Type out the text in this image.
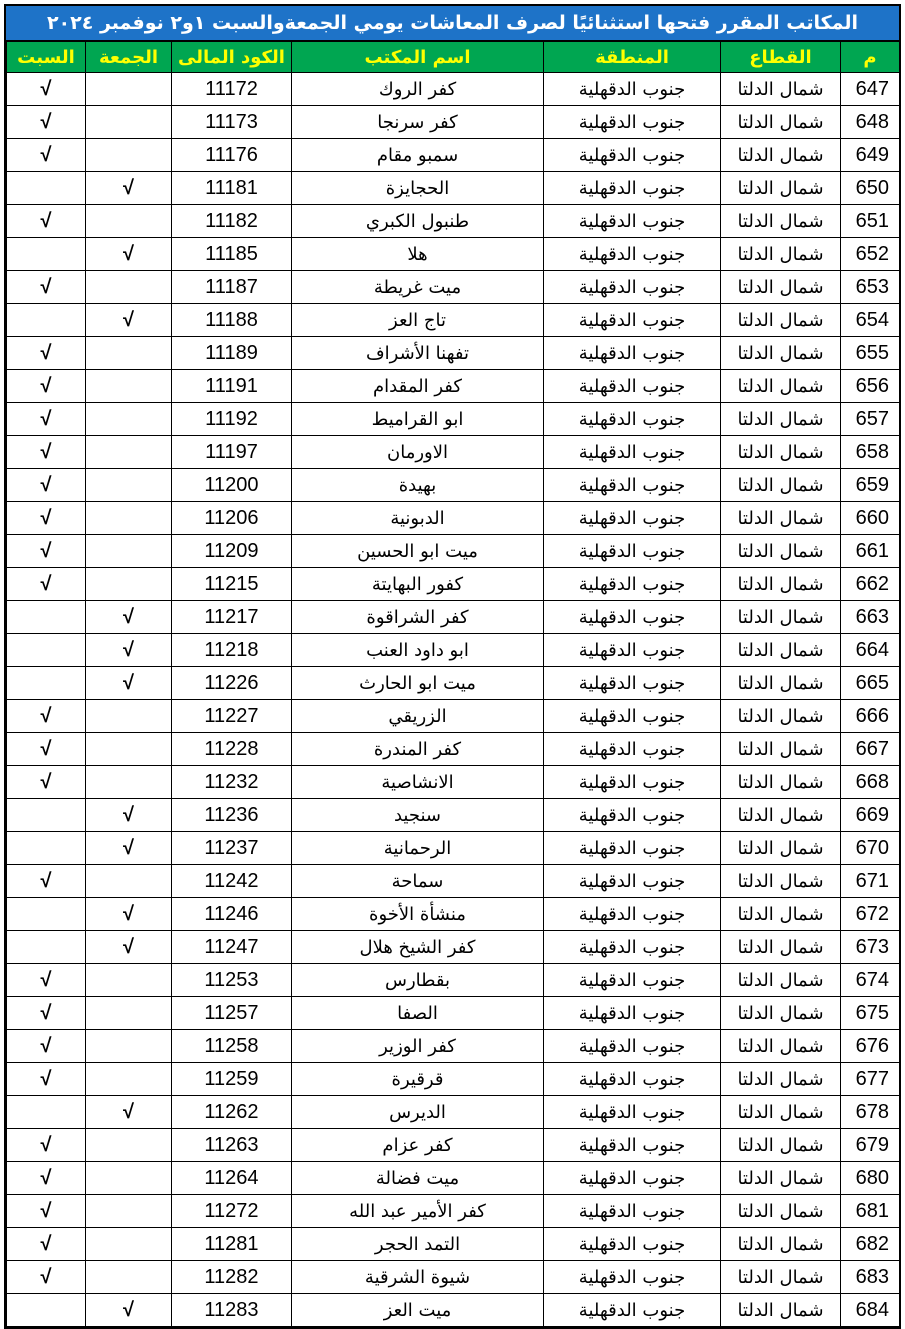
المكاتب المقرر فتحها استثنائيًا لصرف المعاشات يومي الجمعةوالسبت ١و٢ نوفمبر ٢٠٢٤
السبت	الجمعة	الكود المالى	اسم المكتب	المنطقة	القطاع	م
√		11172	كفر الروك	جنوب الدقهلية	شمال الدلتا	647
√		11173	كفر سرنجا	جنوب الدقهلية	شمال الدلتا	648
√		11176	سمبو مقام	جنوب الدقهلية	شمال الدلتا	649
	√	11181	الحجايزة	جنوب الدقهلية	شمال الدلتا	650
√		11182	طنبول الكبري	جنوب الدقهلية	شمال الدلتا	651
	√	11185	هلا	جنوب الدقهلية	شمال الدلتا	652
√		11187	ميت غريطة	جنوب الدقهلية	شمال الدلتا	653
	√	11188	تاج العز	جنوب الدقهلية	شمال الدلتا	654
√		11189	تفهنا الأشراف	جنوب الدقهلية	شمال الدلتا	655
√		11191	كفر المقدام	جنوب الدقهلية	شمال الدلتا	656
√		11192	ابو القراميط	جنوب الدقهلية	شمال الدلتا	657
√		11197	الاورمان	جنوب الدقهلية	شمال الدلتا	658
√		11200	بهيدة	جنوب الدقهلية	شمال الدلتا	659
√		11206	الدبونية	جنوب الدقهلية	شمال الدلتا	660
√		11209	ميت ابو الحسين	جنوب الدقهلية	شمال الدلتا	661
√		11215	كفور البهايتة	جنوب الدقهلية	شمال الدلتا	662
	√	11217	كفر الشراقوة	جنوب الدقهلية	شمال الدلتا	663
	√	11218	ابو داود العنب	جنوب الدقهلية	شمال الدلتا	664
	√	11226	ميت ابو الحارث	جنوب الدقهلية	شمال الدلتا	665
√		11227	الزريقي	جنوب الدقهلية	شمال الدلتا	666
√		11228	كفر المندرة	جنوب الدقهلية	شمال الدلتا	667
√		11232	الانشاصية	جنوب الدقهلية	شمال الدلتا	668
	√	11236	سنجيد	جنوب الدقهلية	شمال الدلتا	669
	√	11237	الرحمانية	جنوب الدقهلية	شمال الدلتا	670
√		11242	سماحة	جنوب الدقهلية	شمال الدلتا	671
	√	11246	منشأة الأخوة	جنوب الدقهلية	شمال الدلتا	672
	√	11247	كفر الشيخ هلال	جنوب الدقهلية	شمال الدلتا	673
√		11253	بقطارس	جنوب الدقهلية	شمال الدلتا	674
√		11257	الصفا	جنوب الدقهلية	شمال الدلتا	675
√		11258	كفر الوزير	جنوب الدقهلية	شمال الدلتا	676
√		11259	قرقيرة	جنوب الدقهلية	شمال الدلتا	677
	√	11262	الديرس	جنوب الدقهلية	شمال الدلتا	678
√		11263	كفر عزام	جنوب الدقهلية	شمال الدلتا	679
√		11264	ميت فضالة	جنوب الدقهلية	شمال الدلتا	680
√		11272	كفر الأمير عبد الله	جنوب الدقهلية	شمال الدلتا	681
√		11281	التمد الحجر	جنوب الدقهلية	شمال الدلتا	682
√		11282	شيوة الشرقية	جنوب الدقهلية	شمال الدلتا	683
	√	11283	ميت العز	جنوب الدقهلية	شمال الدلتا	684
